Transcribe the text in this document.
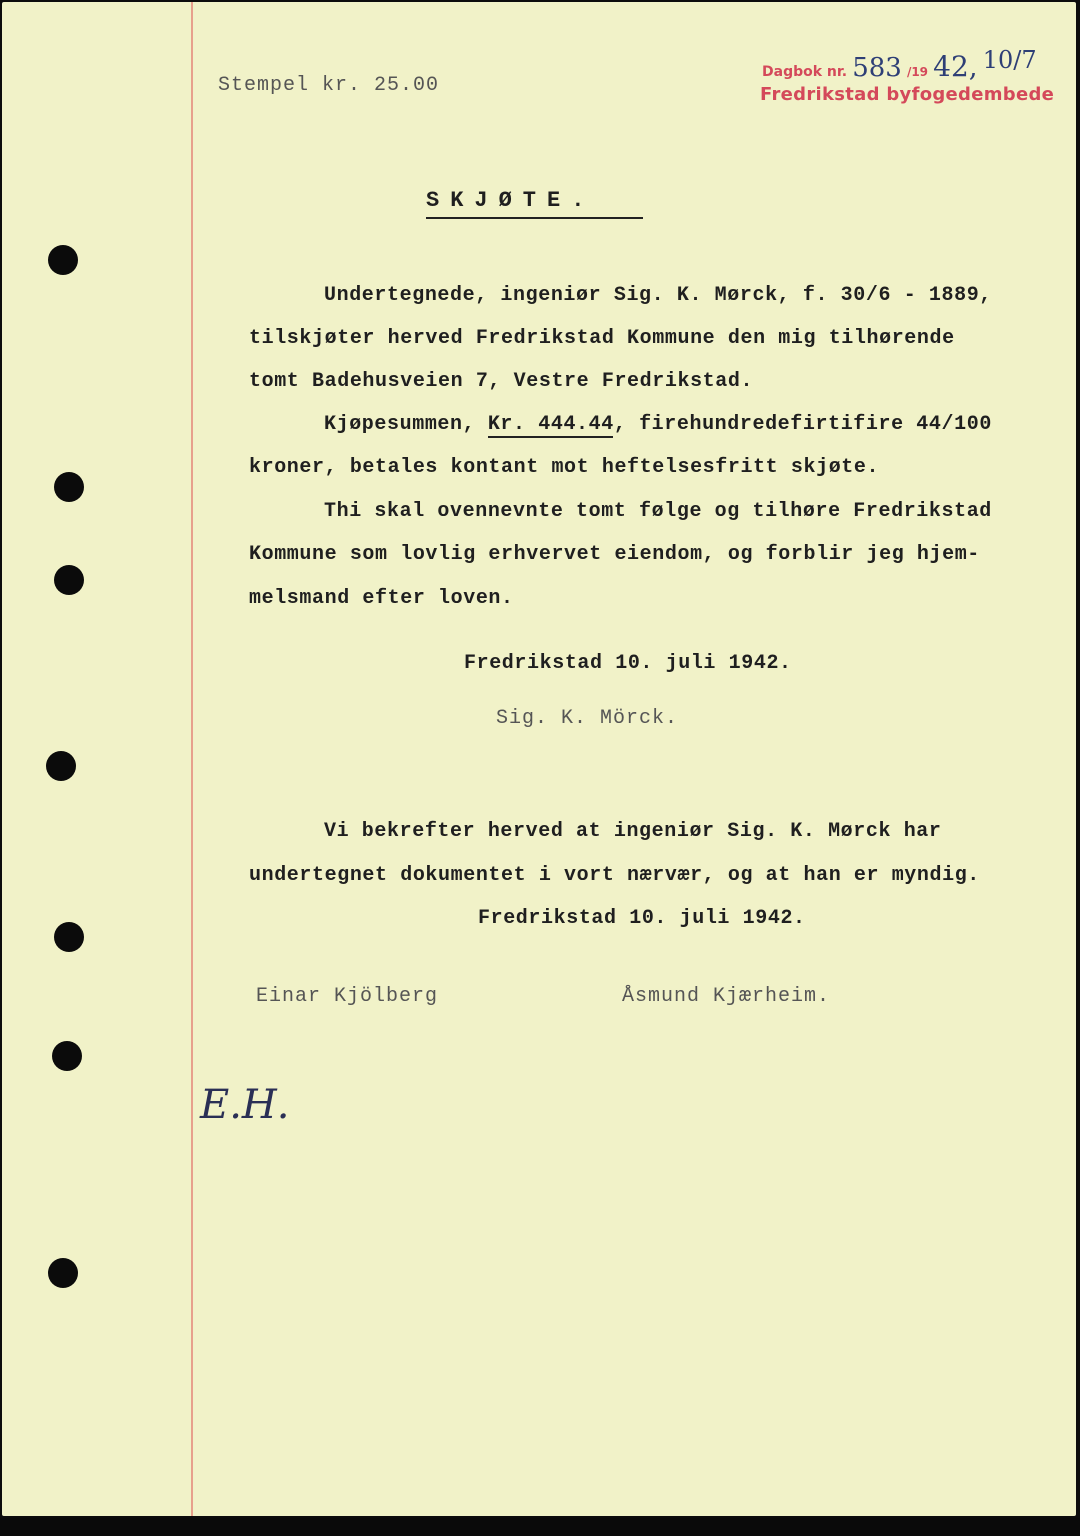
Stempel kr. 25.00
Dagbok nr. 583 /19 42, 10/7
Fredrikstad byfogedembede
SKJØTE.
Undertegnede, ingeniør Sig. K. Mørck, f. 30/6 - 1889,
tilskjøter herved Fredrikstad Kommune den mig tilhørende
tomt Badehusveien 7, Vestre Fredrikstad.
Kjøpesummen, Kr. 444.44, firehundredefirtifire 44/100
kroner, betales kontant mot heftelsesfritt skjøte.
Thi skal ovennevnte tomt følge og tilhøre Fredrikstad
Kommune som lovlig erhvervet eiendom, og forblir jeg hjem-
melsmand efter loven.
Fredrikstad 10. juli 1942.
Sig. K. Mörck.
Vi bekrefter herved at ingeniør Sig. K. Mørck har
undertegnet dokumentet i vort nærvær, og at han er myndig.
Fredrikstad 10. juli 1942.
Einar Kjölberg	Åsmund Kjærheim.
E.H.
